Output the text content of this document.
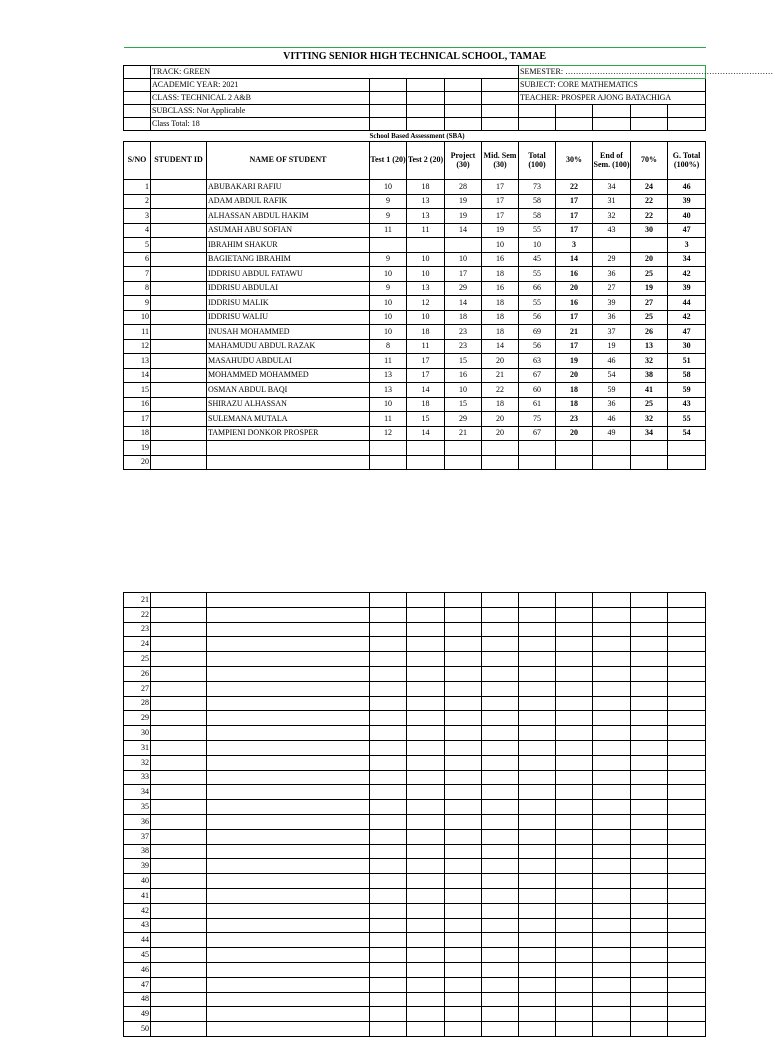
VITTING SENIOR HIGH TECHNICAL SCHOOL, TAMAE											
	TRACK: GREEN						SEMESTER: ……………………………………………………………………				
	ACADEMIC YEAR: 2021						SUBJECT: CORE MATHEMATICS				
	CLASS: TECHNICAL 2 A&B						TEACHER: PROSPER AJONG BATACHIGA				
	SUBCLASS: Not Applicable										
	Class Total: 18										
			School Based Assessment (SBA)								
S/NO	STUDENT ID	NAME OF STUDENT	Test 1 (20)	Test 2 (20)	Project (30)	Mid. Sem (30)	Total (100)	30%	End of Sem. (100)	70%	G. Total (100%)
1		ABUBAKARI RAFIU	10	18	28	17	73	22	34	24	46
2		ADAM ABDUL RAFIK	9	13	19	17	58	17	31	22	39
3		ALHASSAN ABDUL HAKIM	9	13	19	17	58	17	32	22	40
4		ASUMAH ABU SOFIAN	11	11	14	19	55	17	43	30	47
5		IBRAHIM SHAKUR				10	10	3			3
6		BAGIETANG IBRAHIM	9	10	10	16	45	14	29	20	34
7		IDDRISU ABDUL FATAWU	10	10	17	18	55	16	36	25	42
8		IDDRISU ABDULAI	9	13	29	16	66	20	27	19	39
9		IDDRISU MALIK	10	12	14	18	55	16	39	27	44
10		IDDRISU WALIU	10	10	18	18	56	17	36	25	42
11		INUSAH MOHAMMED	10	18	23	18	69	21	37	26	47
12		MAHAMUDU ABDUL RAZAK	8	11	23	14	56	17	19	13	30
13		MASAHUDU ABDULAI	11	17	15	20	63	19	46	32	51
14		MOHAMMED MOHAMMED	13	17	16	21	67	20	54	38	58
15		OSMAN ABDUL BAQI	13	14	10	22	60	18	59	41	59
16		SHIRAZU ALHASSAN	10	18	15	18	61	18	36	25	43
17		SULEMANA MUTALA	11	15	29	20	75	23	46	32	55
18		TAMPIENI DONKOR PROSPER	12	14	21	20	67	20	49	34	54
19											
20											
21											
22											
23											
24											
25											
26											
27											
28											
29											
30											
31											
32											
33											
34											
35											
36											
37											
38											
39											
40											
41											
42											
43											
44											
45											
46											
47											
48											
49											
50											
